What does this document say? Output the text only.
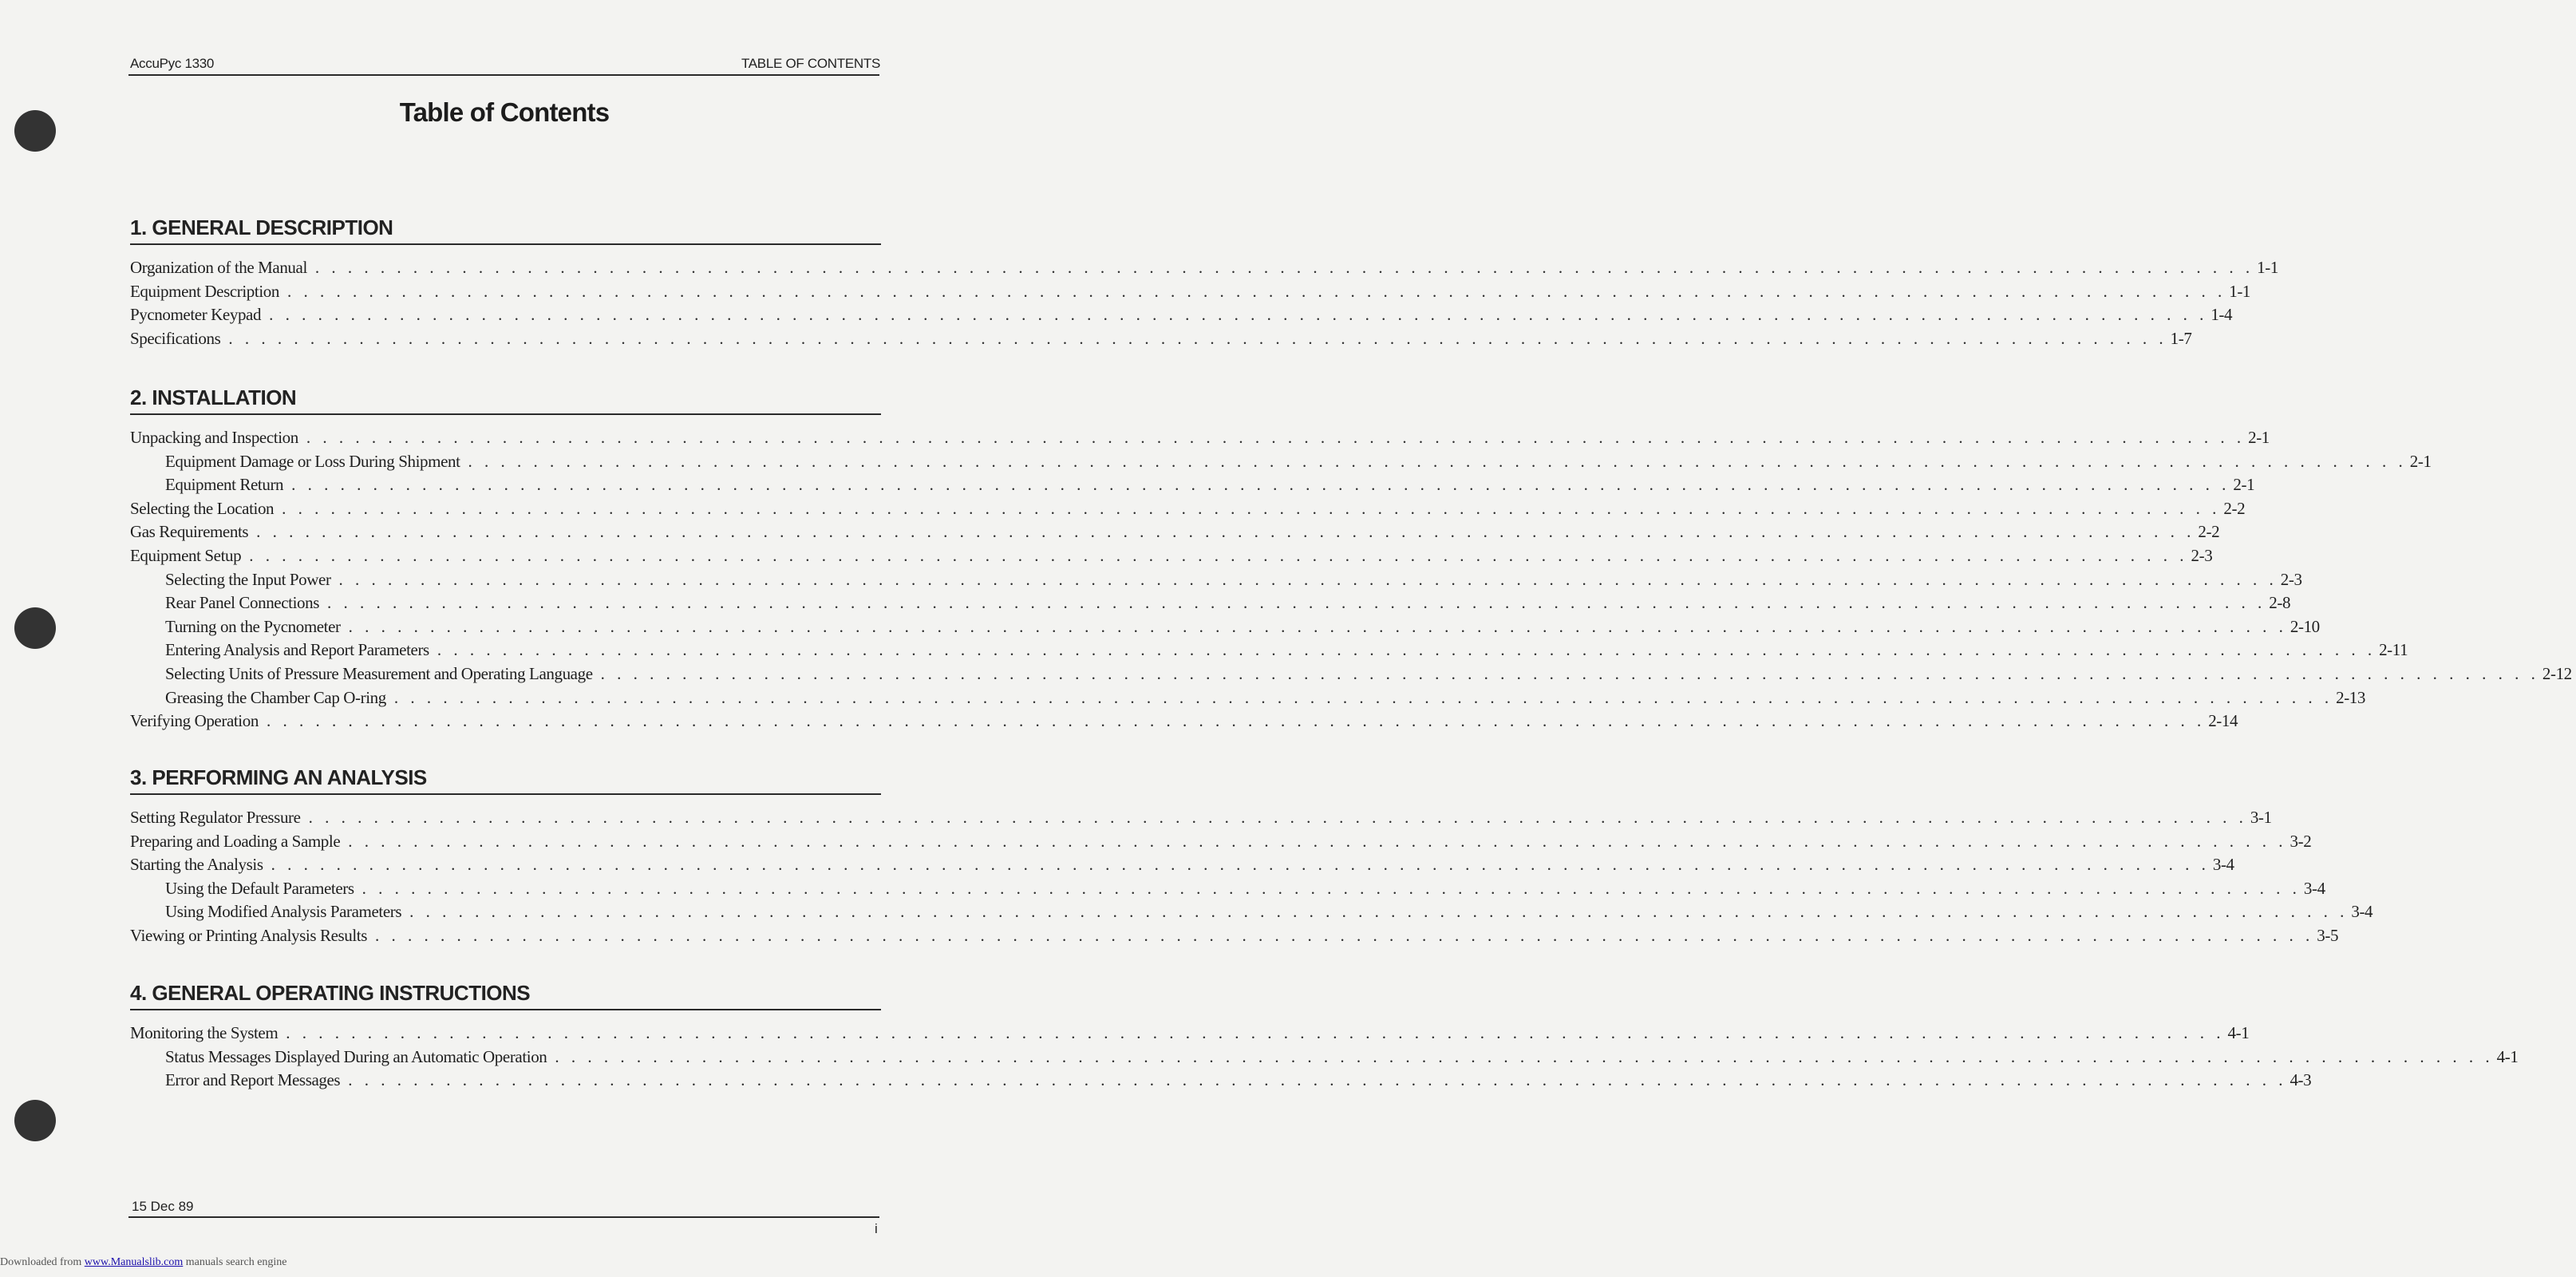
AccuPyc 1330	TABLE OF CONTENTS
Table of Contents
1. GENERAL DESCRIPTION
Organization of the Manual . . . . . . . . . . . . . . . . . . . . . . . . . . . . . . . . . . . . . . . . . . . . . . . . . . . . . . . . . . . . . . . . . . . . . . . . . . . . . . . . . . . . . . . . . . . . . . . . . . . . . . . . . . . . . . . . . . . . . . . 1-1
Equipment Description . . . . . . . . . . . . . . . . . . . . . . . . . . . . . . . . . . . . . . . . . . . . . . . . . . . . . . . . . . . . . . . . . . . . . . . . . . . . . . . . . . . . . . . . . . . . . . . . . . . . . . . . . . . . . . . . . . . . . . . 1-1
Pycnometer Keypad . . . . . . . . . . . . . . . . . . . . . . . . . . . . . . . . . . . . . . . . . . . . . . . . . . . . . . . . . . . . . . . . . . . . . . . . . . . . . . . . . . . . . . . . . . . . . . . . . . . . . . . . . . . . . . . . . . . . . . . 1-4
Specifications . . . . . . . . . . . . . . . . . . . . . . . . . . . . . . . . . . . . . . . . . . . . . . . . . . . . . . . . . . . . . . . . . . . . . . . . . . . . . . . . . . . . . . . . . . . . . . . . . . . . . . . . . . . . . . . . . . . . . . . 1-7
2. INSTALLATION
Unpacking and Inspection . . . . . . . . . . . . . . . . . . . . . . . . . . . . . . . . . . . . . . . . . . . . . . . . . . . . . . . . . . . . . . . . . . . . . . . . . . . . . . . . . . . . . . . . . . . . . . . . . . . . . . . . . . . . . . . . . . . . . . . 2-1
Equipment Damage or Loss During Shipment . . . . . . . . . . . . . . . . . . . . . . . . . . . . . . . . . . . . . . . . . . . . . . . . . . . . . . . . . . . . . . . . . . . . . . . . . . . . . . . . . . . . . . . . . . . . . . . . . . . . . . . . . . . . . . . . . . . . . . . 2-1
Equipment Return . . . . . . . . . . . . . . . . . . . . . . . . . . . . . . . . . . . . . . . . . . . . . . . . . . . . . . . . . . . . . . . . . . . . . . . . . . . . . . . . . . . . . . . . . . . . . . . . . . . . . . . . . . . . . . . . . . . . . . . 2-1
Selecting the Location . . . . . . . . . . . . . . . . . . . . . . . . . . . . . . . . . . . . . . . . . . . . . . . . . . . . . . . . . . . . . . . . . . . . . . . . . . . . . . . . . . . . . . . . . . . . . . . . . . . . . . . . . . . . . . . . . . . . . . . 2-2
Gas Requirements . . . . . . . . . . . . . . . . . . . . . . . . . . . . . . . . . . . . . . . . . . . . . . . . . . . . . . . . . . . . . . . . . . . . . . . . . . . . . . . . . . . . . . . . . . . . . . . . . . . . . . . . . . . . . . . . . . . . . . . 2-2
Equipment Setup . . . . . . . . . . . . . . . . . . . . . . . . . . . . . . . . . . . . . . . . . . . . . . . . . . . . . . . . . . . . . . . . . . . . . . . . . . . . . . . . . . . . . . . . . . . . . . . . . . . . . . . . . . . . . . . . . . . . . . . 2-3
Selecting the Input Power . . . . . . . . . . . . . . . . . . . . . . . . . . . . . . . . . . . . . . . . . . . . . . . . . . . . . . . . . . . . . . . . . . . . . . . . . . . . . . . . . . . . . . . . . . . . . . . . . . . . . . . . . . . . . . . . . . . . . . . 2-3
Rear Panel Connections . . . . . . . . . . . . . . . . . . . . . . . . . . . . . . . . . . . . . . . . . . . . . . . . . . . . . . . . . . . . . . . . . . . . . . . . . . . . . . . . . . . . . . . . . . . . . . . . . . . . . . . . . . . . . . . . . . . . . . . 2-8
Turning on the Pycnometer . . . . . . . . . . . . . . . . . . . . . . . . . . . . . . . . . . . . . . . . . . . . . . . . . . . . . . . . . . . . . . . . . . . . . . . . . . . . . . . . . . . . . . . . . . . . . . . . . . . . . . . . . . . . . . . . . . . . . . . 2-10
Entering Analysis and Report Parameters . . . . . . . . . . . . . . . . . . . . . . . . . . . . . . . . . . . . . . . . . . . . . . . . . . . . . . . . . . . . . . . . . . . . . . . . . . . . . . . . . . . . . . . . . . . . . . . . . . . . . . . . . . . . . . . . . . . . . . . 2-11
Selecting Units of Pressure Measurement and Operating Language . . . . . . . . . . . . . . . . . . . . . . . . . . . . . . . . . . . . . . . . . . . . . . . . . . . . . . . . . . . . . . . . . . . . . . . . . . . . . . . . . . . . . . . . . . . . . . . . . . . . . . . . . . . . . . . . . . . . . . . 2-12
Greasing the Chamber Cap O-ring . . . . . . . . . . . . . . . . . . . . . . . . . . . . . . . . . . . . . . . . . . . . . . . . . . . . . . . . . . . . . . . . . . . . . . . . . . . . . . . . . . . . . . . . . . . . . . . . . . . . . . . . . . . . . . . . . . . . . . . 2-13
Verifying Operation . . . . . . . . . . . . . . . . . . . . . . . . . . . . . . . . . . . . . . . . . . . . . . . . . . . . . . . . . . . . . . . . . . . . . . . . . . . . . . . . . . . . . . . . . . . . . . . . . . . . . . . . . . . . . . . . . . . . . . . 2-14
3. PERFORMING AN ANALYSIS
Setting Regulator Pressure . . . . . . . . . . . . . . . . . . . . . . . . . . . . . . . . . . . . . . . . . . . . . . . . . . . . . . . . . . . . . . . . . . . . . . . . . . . . . . . . . . . . . . . . . . . . . . . . . . . . . . . . . . . . . . . . . . . . . . . 3-1
Preparing and Loading a Sample . . . . . . . . . . . . . . . . . . . . . . . . . . . . . . . . . . . . . . . . . . . . . . . . . . . . . . . . . . . . . . . . . . . . . . . . . . . . . . . . . . . . . . . . . . . . . . . . . . . . . . . . . . . . . . . . . . . . . . . 3-2
Starting the Analysis . . . . . . . . . . . . . . . . . . . . . . . . . . . . . . . . . . . . . . . . . . . . . . . . . . . . . . . . . . . . . . . . . . . . . . . . . . . . . . . . . . . . . . . . . . . . . . . . . . . . . . . . . . . . . . . . . . . . . . . 3-4
Using the Default Parameters . . . . . . . . . . . . . . . . . . . . . . . . . . . . . . . . . . . . . . . . . . . . . . . . . . . . . . . . . . . . . . . . . . . . . . . . . . . . . . . . . . . . . . . . . . . . . . . . . . . . . . . . . . . . . . . . . . . . . . . 3-4
Using Modified Analysis Parameters . . . . . . . . . . . . . . . . . . . . . . . . . . . . . . . . . . . . . . . . . . . . . . . . . . . . . . . . . . . . . . . . . . . . . . . . . . . . . . . . . . . . . . . . . . . . . . . . . . . . . . . . . . . . . . . . . . . . . . . 3-4
Viewing or Printing Analysis Results . . . . . . . . . . . . . . . . . . . . . . . . . . . . . . . . . . . . . . . . . . . . . . . . . . . . . . . . . . . . . . . . . . . . . . . . . . . . . . . . . . . . . . . . . . . . . . . . . . . . . . . . . . . . . . . . . . . . . . . 3-5
4. GENERAL OPERATING INSTRUCTIONS
Monitoring the System . . . . . . . . . . . . . . . . . . . . . . . . . . . . . . . . . . . . . . . . . . . . . . . . . . . . . . . . . . . . . . . . . . . . . . . . . . . . . . . . . . . . . . . . . . . . . . . . . . . . . . . . . . . . . . . . . . . . . . . 4-1
Status Messages Displayed During an Automatic Operation . . . . . . . . . . . . . . . . . . . . . . . . . . . . . . . . . . . . . . . . . . . . . . . . . . . . . . . . . . . . . . . . . . . . . . . . . . . . . . . . . . . . . . . . . . . . . . . . . . . . . . . . . . . . . . . . . . . . . . . 4-1
Error and Report Messages . . . . . . . . . . . . . . . . . . . . . . . . . . . . . . . . . . . . . . . . . . . . . . . . . . . . . . . . . . . . . . . . . . . . . . . . . . . . . . . . . . . . . . . . . . . . . . . . . . . . . . . . . . . . . . . . . . . . . . . 4-3
15 Dec 89
i
Downloaded from www.Manualslib.com manuals search engine
